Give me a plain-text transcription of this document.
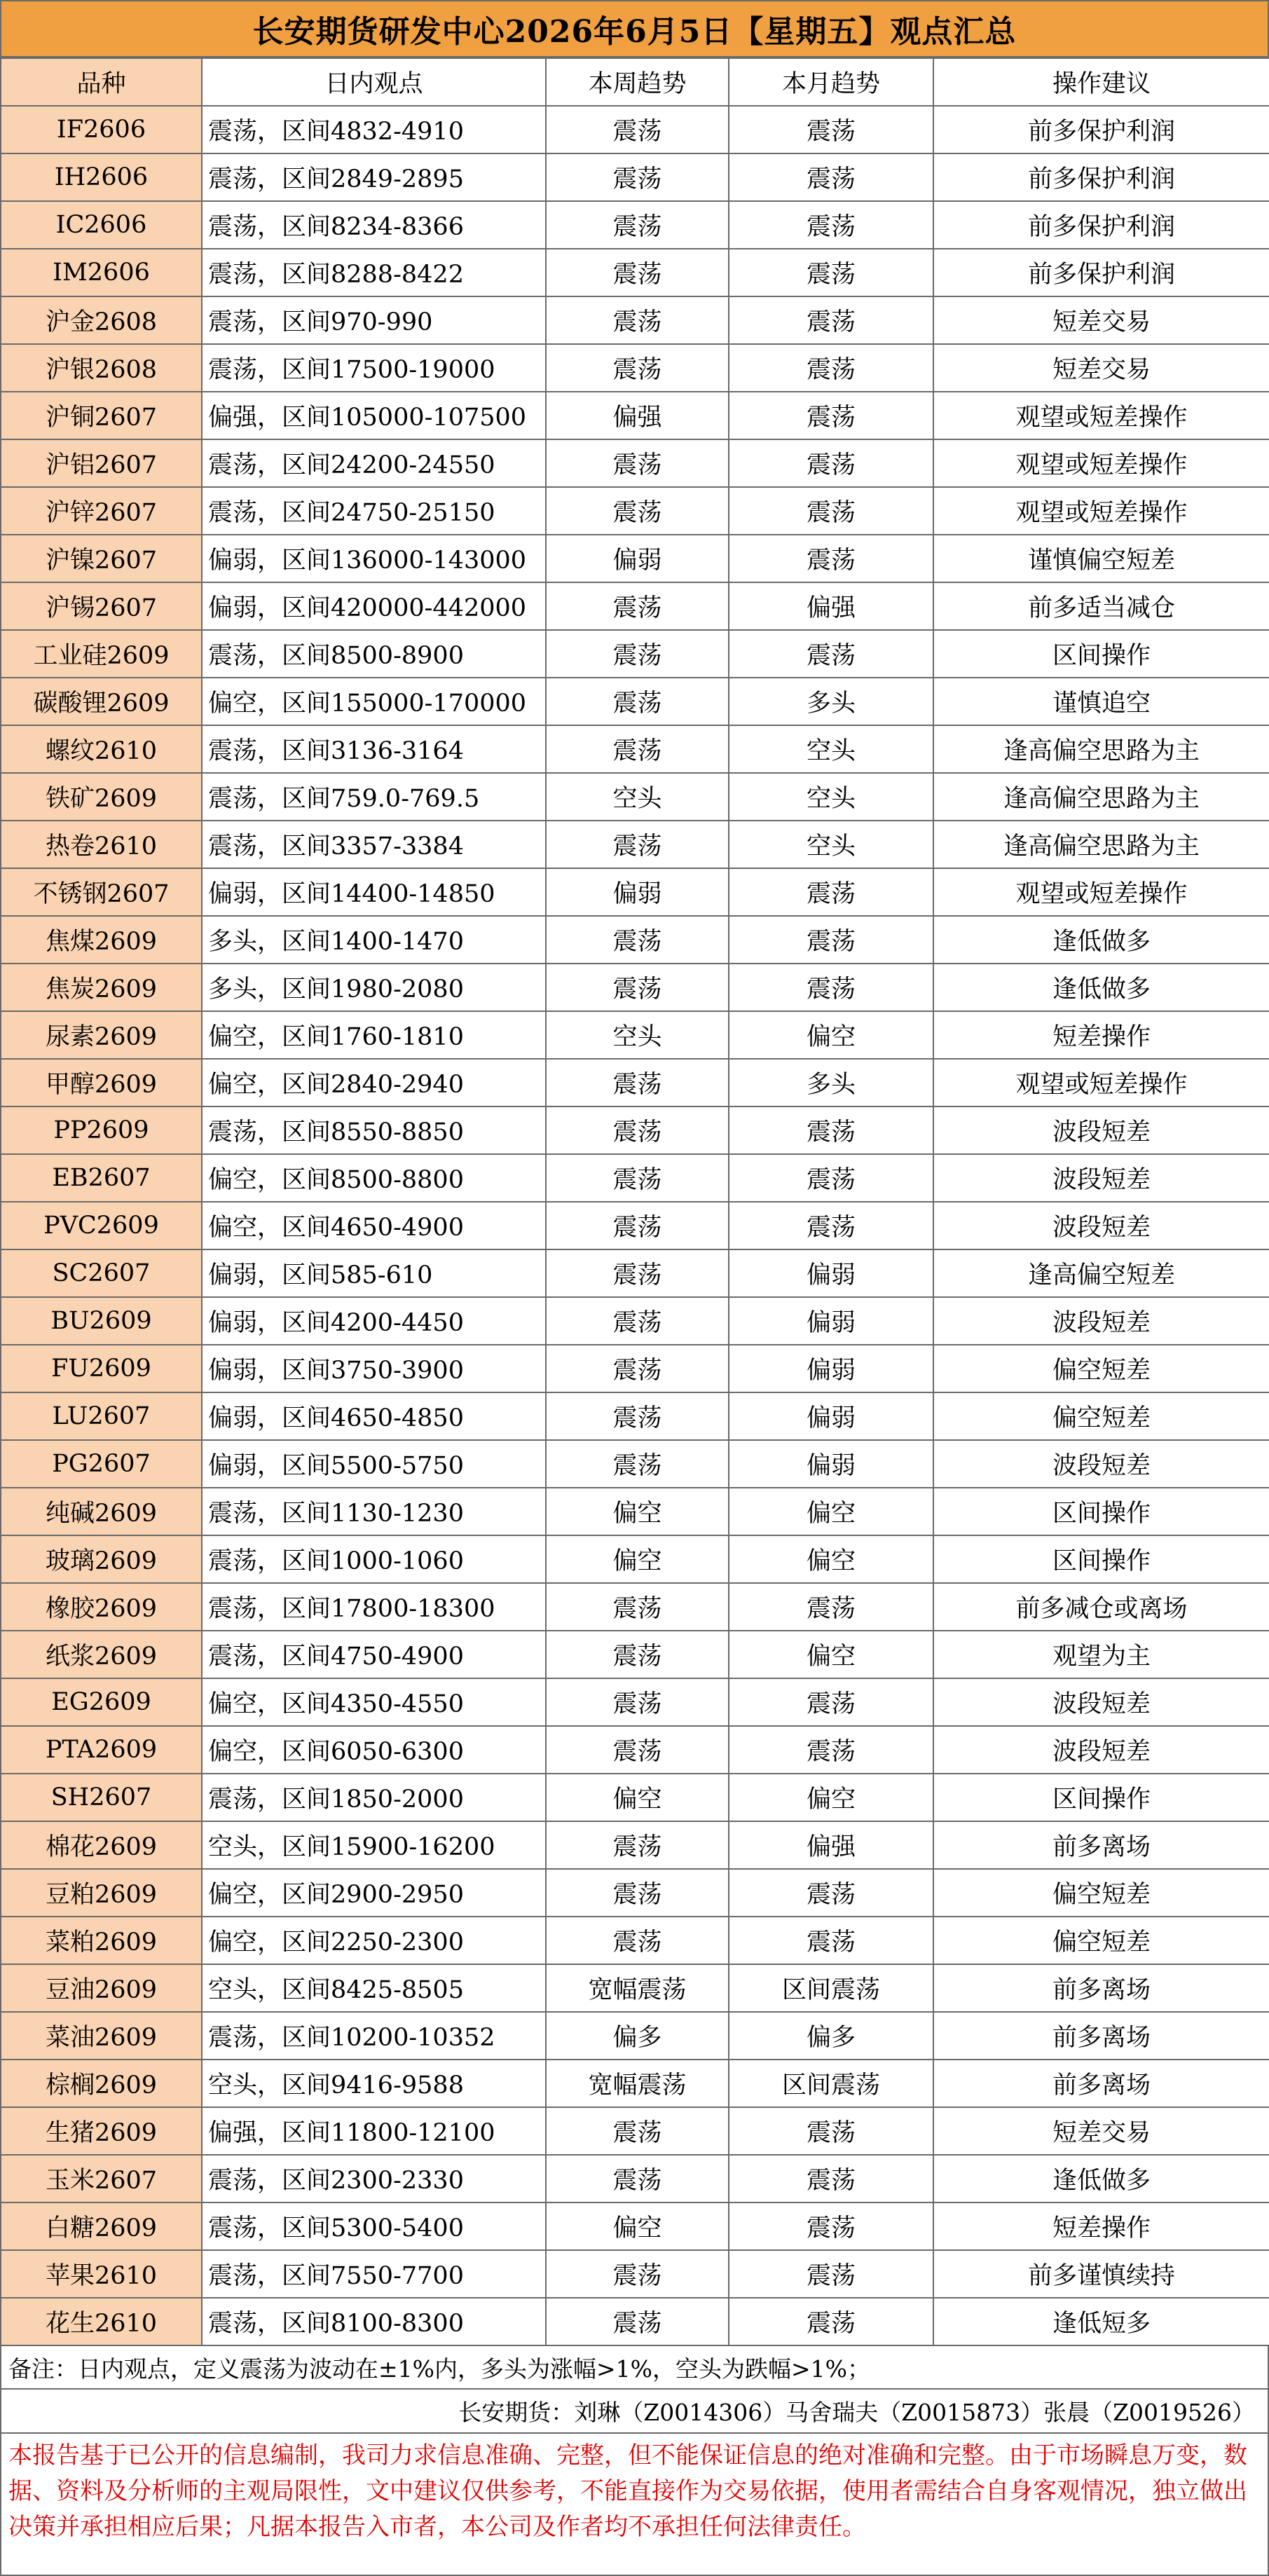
长安期货研发中心2026年6月5日【星期五】观点汇总
品种	日内观点	本周趋势	本月趋势	操作建议
IF2606	震荡，区间4832-4910	震荡	震荡	前多保护利润
IH2606	震荡，区间2849-2895	震荡	震荡	前多保护利润
IC2606	震荡，区间8234-8366	震荡	震荡	前多保护利润
IM2606	震荡，区间8288-8422	震荡	震荡	前多保护利润
沪金2608	震荡，区间970-990	震荡	震荡	短差交易
沪银2608	震荡，区间17500-19000	震荡	震荡	短差交易
沪铜2607	偏强，区间105000-107500	偏强	震荡	观望或短差操作
沪铝2607	震荡，区间24200-24550	震荡	震荡	观望或短差操作
沪锌2607	震荡，区间24750-25150	震荡	震荡	观望或短差操作
沪镍2607	偏弱，区间136000-143000	偏弱	震荡	谨慎偏空短差
沪锡2607	偏弱，区间420000-442000	震荡	偏强	前多适当减仓
工业硅2609	震荡，区间8500-8900	震荡	震荡	区间操作
碳酸锂2609	偏空，区间155000-170000	震荡	多头	谨慎追空
螺纹2610	震荡，区间3136-3164	震荡	空头	逢高偏空思路为主
铁矿2609	震荡，区间759.0-769.5	空头	空头	逢高偏空思路为主
热卷2610	震荡，区间3357-3384	震荡	空头	逢高偏空思路为主
不锈钢2607	偏弱，区间14400-14850	偏弱	震荡	观望或短差操作
焦煤2609	多头，区间1400-1470	震荡	震荡	逢低做多
焦炭2609	多头，区间1980-2080	震荡	震荡	逢低做多
尿素2609	偏空，区间1760-1810	空头	偏空	短差操作
甲醇2609	偏空，区间2840-2940	震荡	多头	观望或短差操作
PP2609	震荡，区间8550-8850	震荡	震荡	波段短差
EB2607	偏空，区间8500-8800	震荡	震荡	波段短差
PVC2609	偏空，区间4650-4900	震荡	震荡	波段短差
SC2607	偏弱，区间585-610	震荡	偏弱	逢高偏空短差
BU2609	偏弱，区间4200-4450	震荡	偏弱	波段短差
FU2609	偏弱，区间3750-3900	震荡	偏弱	偏空短差
LU2607	偏弱，区间4650-4850	震荡	偏弱	偏空短差
PG2607	偏弱，区间5500-5750	震荡	偏弱	波段短差
纯碱2609	震荡，区间1130-1230	偏空	偏空	区间操作
玻璃2609	震荡，区间1000-1060	偏空	偏空	区间操作
橡胶2609	震荡，区间17800-18300	震荡	震荡	前多减仓或离场
纸浆2609	震荡，区间4750-4900	震荡	偏空	观望为主
EG2609	偏空，区间4350-4550	震荡	震荡	波段短差
PTA2609	偏空，区间6050-6300	震荡	震荡	波段短差
SH2607	震荡，区间1850-2000	偏空	偏空	区间操作
棉花2609	空头，区间15900-16200	震荡	偏强	前多离场
豆粕2609	偏空，区间2900-2950	震荡	震荡	偏空短差
菜粕2609	偏空，区间2250-2300	震荡	震荡	偏空短差
豆油2609	空头，区间8425-8505	宽幅震荡	区间震荡	前多离场
菜油2609	震荡，区间10200-10352	偏多	偏多	前多离场
棕榈2609	空头，区间9416-9588	宽幅震荡	区间震荡	前多离场
生猪2609	偏强，区间11800-12100	震荡	震荡	短差交易
玉米2607	震荡，区间2300-2330	震荡	震荡	逢低做多
白糖2609	震荡，区间5300-5400	偏空	震荡	短差操作
苹果2610	震荡，区间7550-7700	震荡	震荡	前多谨慎续持
花生2610	震荡，区间8100-8300	震荡	震荡	逢低短多
备注：日内观点，定义震荡为波动在±1%内，多头为涨幅>1%，空头为跌幅>1%；
长安期货：刘琳（Z0014306）马舍瑞夫（Z0015873）张晨（Z0019526）
本报告基于已公开的信息编制，我司力求信息准确、完整，但不能保证信息的绝对准确和完整。由于市场瞬息万变，数据、资料及分析师的主观局限性，文中建议仅供参考，不能直接作为交易依据，使用者需结合自身客观情况，独立做出决策并承担相应后果；凡据本报告入市者，本公司及作者均不承担任何法律责任。
